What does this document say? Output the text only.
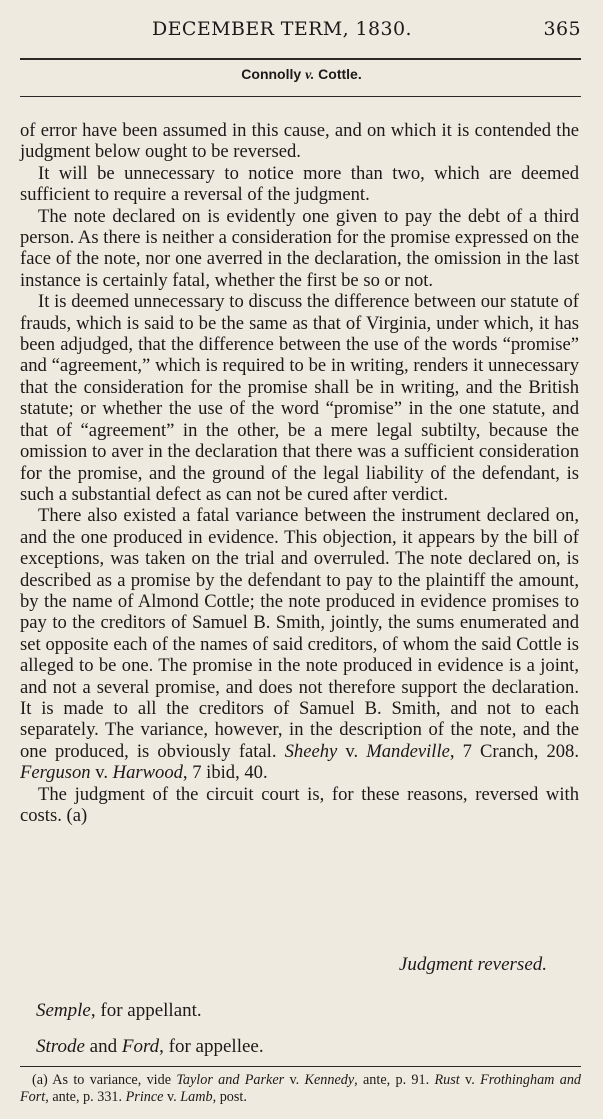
DECEMBER TERM, 1830.	365
Connolly v. Cottle.

of error have been assumed in this cause, and on which it is contended the judgment below ought to be reversed.

It will be unnecessary to notice more than two, which are deemed sufficient to require a reversal of the judgment.

The note declared on is evidently one given to pay the debt of a third person. As there is neither a consideration for the promise expressed on the face of the note, nor one averred in the declaration, the omission in the last instance is certainly fatal, whether the first be so or not.

It is deemed unnecessary to discuss the difference between our statute of frauds, which is said to be the same as that of Virginia, under which, it has been adjudged, that the difference between the use of the words “promise” and “agreement,” which is required to be in writing, renders it unnecessary that the consideration for the promise shall be in writing, and the British statute; or whether the use of the word “promise” in the one statute, and that of “agreement” in the other, be a mere legal subtilty, because the omission to aver in the declaration that there was a sufficient consideration for the promise, and the ground of the legal liability of the defendant, is such a substantial defect as can not be cured after verdict.

There also existed a fatal variance between the instrument declared on, and the one produced in evidence. This objection, it appears by the bill of exceptions, was taken on the trial and overruled. The note declared on, is described as a promise by the defendant to pay to the plaintiff the amount, by the name of Almond Cottle; the note produced in evidence promises to pay to the creditors of Samuel B. Smith, jointly, the sums enumerated and set opposite each of the names of said creditors, of whom the said Cottle is alleged to be one. The promise in the note produced in evidence is a joint, and not a several promise, and does not therefore support the declaration. It is made to all the creditors of Samuel B. Smith, and not to each separately. The variance, however, in the description of the note, and the one produced, is obviously fatal. Sheehy v. Mandeville, 7 Cranch, 208. Ferguson v. Harwood, 7 ibid, 40.

The judgment of the circuit court is, for these reasons, reversed with costs. (a)

Judgment reversed.
Semple, for appellant.
Strode and Ford, for appellee.
(a) As to variance, vide Taylor and Parker v. Kennedy, ante, p. 91. Rust v. Frothingham and Fort, ante, p. 331. Prince v. Lamb, post.
